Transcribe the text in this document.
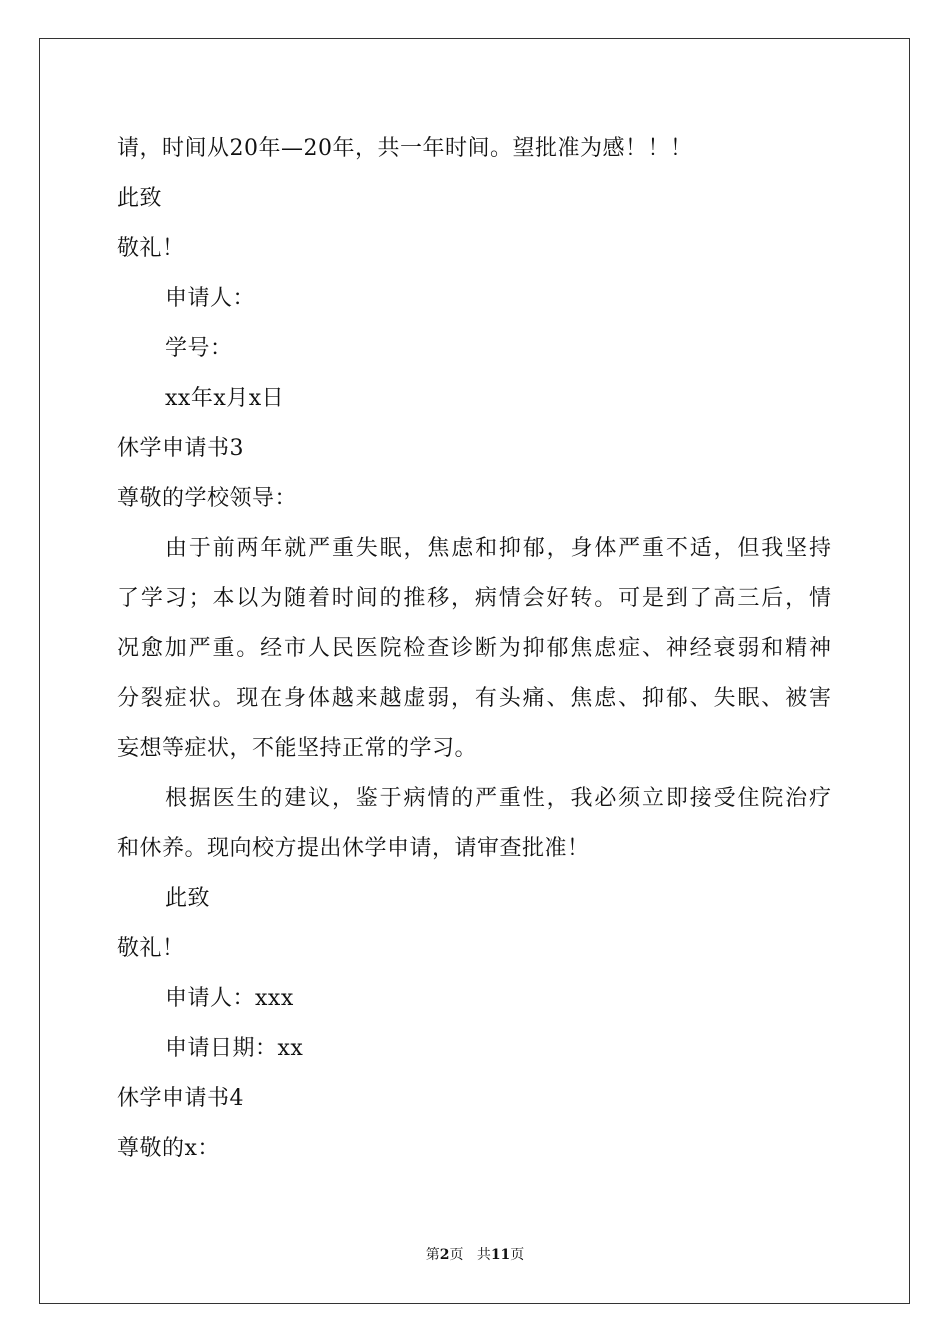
请，时间从20年—20年，共一年时间。望批准为感！！！
此致
敬礼！
申请人：
学号：
xx年x月x日
休学申请书3
尊敬的学校领导：
由于前两年就严重失眠，焦虑和抑郁，身体严重不适，但我坚持
了学习；本以为随着时间的推移，病情会好转。可是到了高三后，情
况愈加严重。经市人民医院检查诊断为抑郁焦虑症、神经衰弱和精神
分裂症状。现在身体越来越虚弱，有头痛、焦虑、抑郁、失眠、被害
妄想等症状，不能坚持正常的学习。
根据医生的建议，鉴于病情的严重性，我必须立即接受住院治疗
和休养。现向校方提出休学申请，请审查批准！
此致
敬礼！
申请人：xxx
申请日期：xx
休学申请书4
尊敬的x：
第2页 共11页
